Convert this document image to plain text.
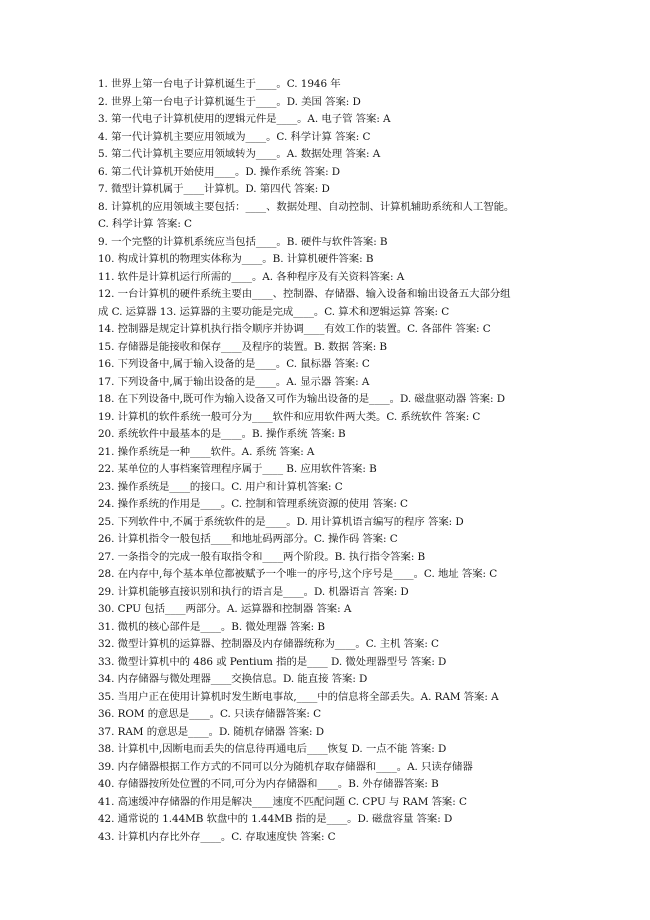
1. 世界上第一台电子计算机诞生于____。C. 1946 年
2. 世界上第一台电子计算机诞生于____。D. 美国 答案: D
3. 第一代电子计算机使用的逻辑元件是____。A. 电子管 答案: A
4. 第一代计算机主要应用领域为____。C. 科学计算 答案: C
5. 第二代计算机主要应用领域转为____。A. 数据处理 答案: A
6. 第二代计算机开始使用____。D. 操作系统 答案: D
7. 微型计算机属于____计算机。D. 第四代 答案: D
8. 计算机的应用领域主要包括：____、数据处理、自动控制、计算机辅助系统和人工智能。
C. 科学计算 答案: C
9. 一个完整的计算机系统应当包括____。B. 硬件与软件答案: B
10. 构成计算机的物理实体称为____。B. 计算机硬件答案: B
11. 软件是计算机运行所需的____。A. 各种程序及有关资料答案: A
12. 一台计算机的硬件系统主要由____、控制器、存储器、输入设备和输出设备五大部分组
成 C. 运算器 13. 运算器的主要功能是完成____。C. 算术和逻辑运算 答案: C
14. 控制器是规定计算机执行指令顺序并协调____有效工作的装置。C. 各部件 答案: C
15. 存储器是能接收和保存____及程序的装置。B. 数据 答案: B
16. 下列设备中,属于输入设备的是____。C. 鼠标器 答案: C
17. 下列设备中,属于输出设备的是____。A. 显示器 答案: A
18. 在下列设备中,既可作为输入设备又可作为输出设备的是____。D. 磁盘驱动器 答案: D
19. 计算机的软件系统一般可分为____软件和应用软件两大类。C. 系统软件 答案: C
20. 系统软件中最基本的是____。B. 操作系统 答案: B
21. 操作系统是一种____软件。A. 系统 答案: A
22. 某单位的人事档案管理程序属于____ B. 应用软件答案: B
23. 操作系统是____的接口。C. 用户和计算机答案: C
24. 操作系统的作用是____。C. 控制和管理系统资源的使用 答案: C
25. 下列软件中,不属于系统软件的是____。D. 用计算机语言编写的程序 答案: D
26. 计算机指令一般包括____和地址码两部分。C. 操作码 答案: C
27. 一条指令的完成一般有取指令和____两个阶段。B. 执行指令答案: B
28. 在内存中,每个基本单位都被赋予一个唯一的序号,这个序号是____。C. 地址 答案: C
29. 计算机能够直接识别和执行的语言是____。D. 机器语言 答案: D
30. CPU 包括____两部分。A. 运算器和控制器 答案: A
31. 微机的核心部件是____。B. 微处理器 答案: B
32. 微型计算机的运算器、控制器及内存储器统称为____。C. 主机 答案: C
33. 微型计算机中的 486 或 Pentium 指的是____ D. 微处理器型号 答案: D
34. 内存储器与微处理器____交换信息。D. 能直接 答案: D
35. 当用户正在使用计算机时发生断电事故,____中的信息将全部丢失。A. RAM 答案: A
36. ROM 的意思是____。C. 只读存储器答案: C
37. RAM 的意思是____。D. 随机存储器 答案: D
38. 计算机中,因断电而丢失的信息待再通电后____恢复 D. 一点不能 答案: D
39. 内存储器根据工作方式的不同可以分为随机存取存储器和____。A. 只读存储器
40. 存储器按所处位置的不同,可分为内存储器和____。B. 外存储器答案: B
41. 高速缓冲存储器的作用是解决____速度不匹配问题 C. CPU 与 RAM 答案: C
42. 通常说的 1.44MB 软盘中的 1.44MB 指的是____。D. 磁盘容量 答案: D
43. 计算机内存比外存____。C. 存取速度快 答案: C
